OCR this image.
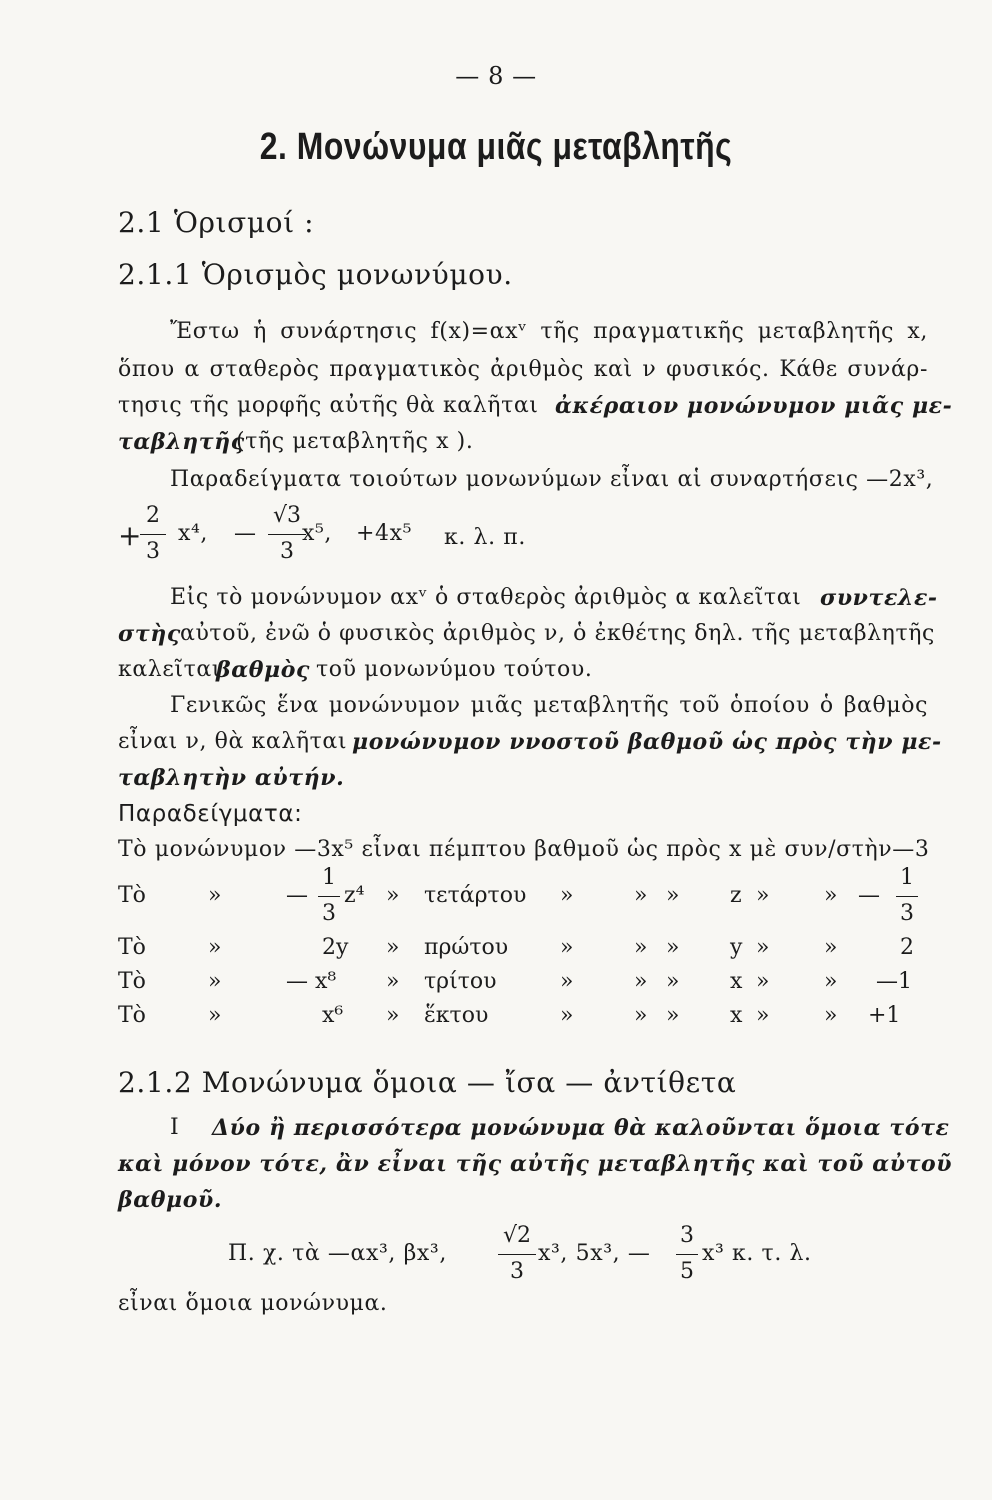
— 8 —
2. Μονώνυμα μιᾶς μεταβλητῆς
2.1 Ὁρισμοί :
2.1.1 Ὁρισμὸς μονωνύμου.
Ἔστω ἡ συνάρτησις f(x)=αxᵛ τῆς πραγματικῆς μεταβλητῆς x,
ὅπου α σταθερὸς πραγματικὸς ἀριθμὸς καὶ ν φυσικός. Κάθε συνάρ-
τησις τῆς μορφῆς αὐτῆς θὰ καλῆται ἀκέραιον μονώνυμον μιᾶς με-
ταβλητῆς
(τῆς μεταβλητῆς x ).
Παραδείγματα τοιούτων μονωνύμων εἶναι αἱ συναρτήσεις —2x³,
+
2
3
x⁴, —
√3
3
x⁵, +4x⁵ κ. λ. π.
Εἰς τὸ μονώνυμον αxᵛ ὁ σταθερὸς ἀριθμὸς α καλεῖται συντελε-
στὴς αὐτοῦ, ἐνῶ ὁ φυσικὸς ἀριθμὸς ν, ὁ ἐκθέτης δηλ. τῆς μεταβλητῆς
καλεῖται
βαθμὸς τοῦ μονωνύμου τούτου.
Γενικῶς ἕνα μονώνυμον μιᾶς μεταβλητῆς τοῦ ὁποίου ὁ βαθμὸς
εἶναι ν, θὰ καλῆται μονώνυμον ννοστοῦ βαθμοῦ ὡς πρὸς τὴν με-
ταβλητὴν αὐτήν.
Παραδείγματα:
Τὸ μονώνυμον —3x⁵ εἶναι πέμπτου βαθμοῦ ὡς πρὸς x μὲ συν/στὴν—3
Τὸ	»	—
1
3
z⁴ » τετάρτου »	» » z » » —
1
3
Τὸ	»	2y » πρώτου »	» » y » »	2
Τὸ	»	— x⁸ » τρίτου	»	» » x » » —1
Τὸ	»	x⁶ » ἕκτου	»	» » x » » +1
2.1.2 Μονώνυμα ὅμοια — ἴσα — ἀντίθετα
I Δύο ἢ περισσότερα μονώνυμα θὰ καλοῦνται ὅμοια τότε
καὶ μόνον τότε, ἂν εἶναι τῆς αὐτῆς μεταβλητῆς καὶ τοῦ αὐτοῦ
βαθμοῦ.
Π. χ. τὰ —αx³, βx³,
√2
3
x³, 5x³, —
3
5
x³ κ. τ. λ.
εἶναι ὅμοια μονώνυμα.
